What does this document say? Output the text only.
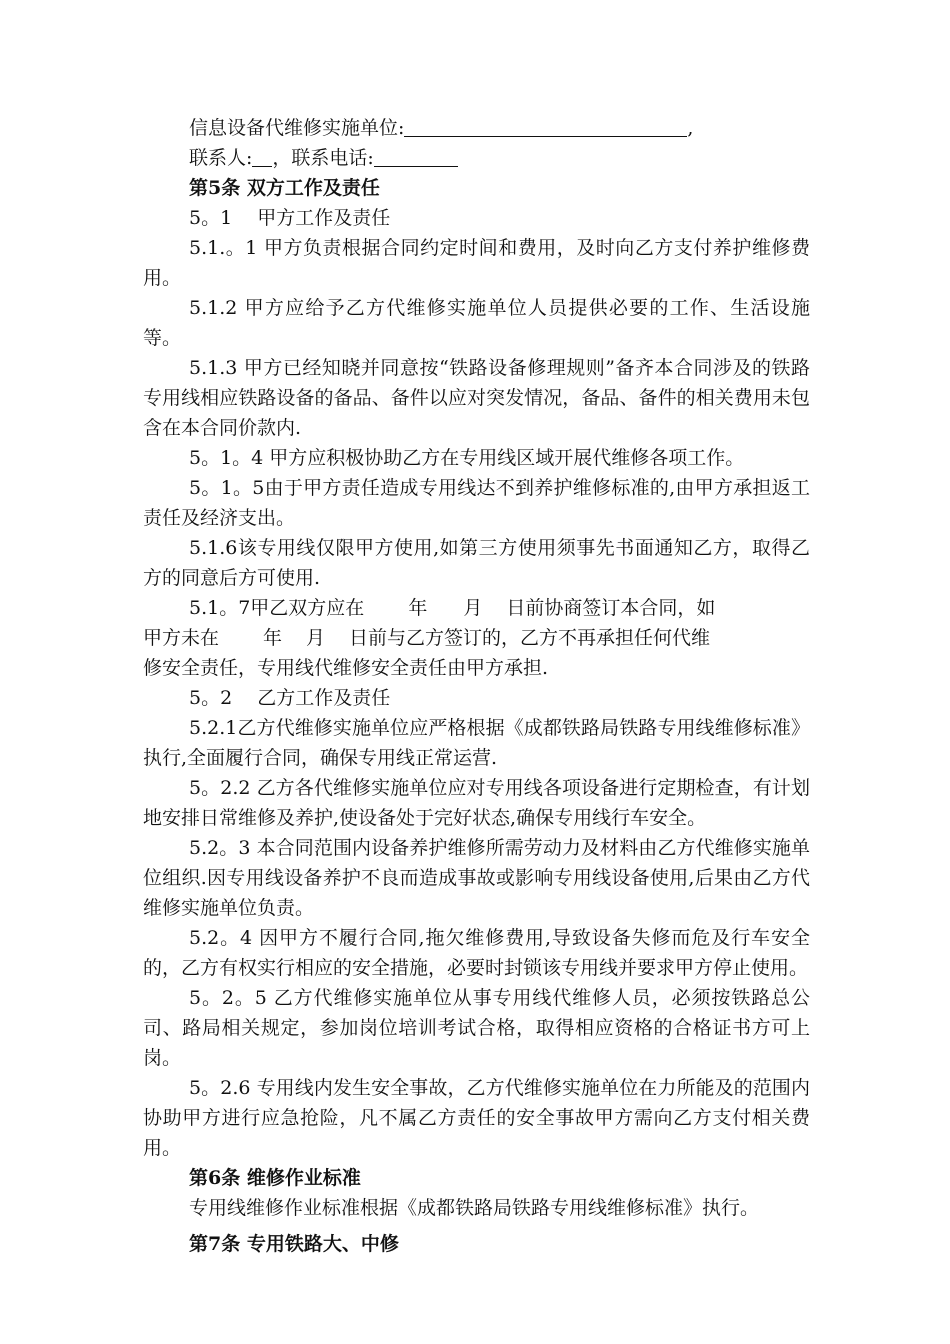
信息设备代维修实施单位:	,
联系人: ，联系电话:
第5条 双方工作及责任
5。1　 甲方工作及责任

5.1.。1 甲方负责根据合同约定时间和费用，及时向乙方支付养护维修费用。

5.1.2 甲方应给予乙方代维修实施单位人员提供必要的工作、生活设施等。

5.1.3 甲方已经知晓并同意按“铁路设备修理规则”备齐本合同涉及的铁路专用线相应铁路设备的备品、备件以应对突发情况，备品、备件的相关费用未包含在本合同价款内.

5。1。4 甲方应积极协助乙方在专用线区域开展代维修各项工作。

5。1。5由于甲方责任造成专用线达不到养护维修标准的,由甲方承担返工责任及经济支出。

5.1.6该专用线仅限甲方使用,如第三方使用须事先书面通知乙方，取得乙方的同意后方可使用.

5.1。7甲乙双方应在 年 月 日前协商签订本合同，如
甲方未在 年 月 日前与乙方签订的，乙方不再承担任何代维
修安全责任，专用线代维修安全责任由甲方承担.
5。2　 乙方工作及责任

5.2.1乙方代维修实施单位应严格根据《成都铁路局铁路专用线维修标准》执行,全面履行合同，确保专用线正常运营.

5。2.2 乙方各代维修实施单位应对专用线各项设备进行定期检查，有计划地安排日常维修及养护,使设备处于完好状态,确保专用线行车安全。

5.2。3 本合同范围内设备养护维修所需劳动力及材料由乙方代维修实施单位组织.因专用线设备养护不良而造成事故或影响专用线设备使用,后果由乙方代维修实施单位负责。

5.2。4 因甲方不履行合同,拖欠维修费用,导致设备失修而危及行车安全的，乙方有权实行相应的安全措施，必要时封锁该专用线并要求甲方停止使用。

5。2。5 乙方代维修实施单位从事专用线代维修人员，必须按铁路总公司、路局相关规定，参加岗位培训考试合格，取得相应资格的合格证书方可上岗。

5。2.6 专用线内发生安全事故，乙方代维修实施单位在力所能及的范围内协助甲方进行应急抢险，凡不属乙方责任的安全事故甲方需向乙方支付相关费用。

第6条 维修作业标准

专用线维修作业标准根据《成都铁路局铁路专用线维修标准》执行。

第7条 专用铁路大、中修
